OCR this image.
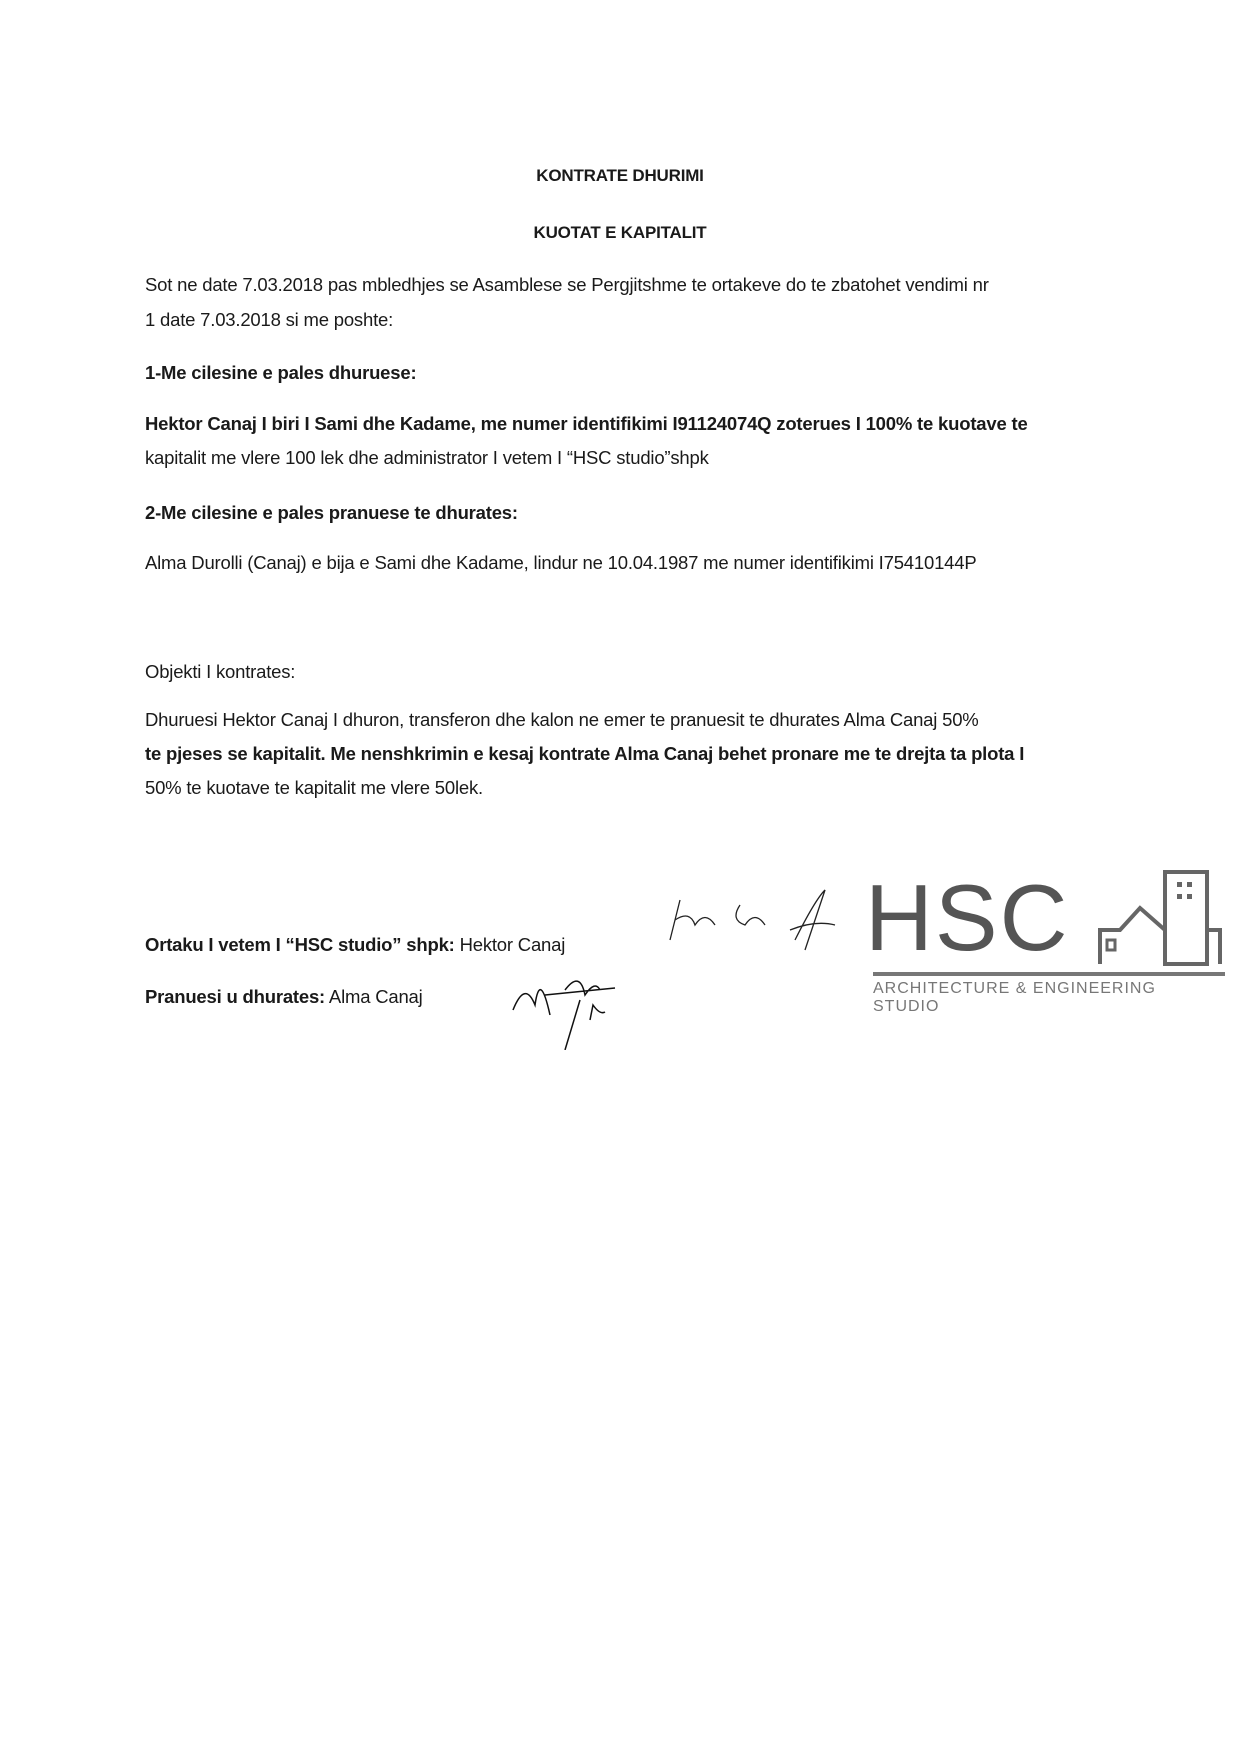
KONTRATE DHURIMI
KUOTAT E KAPITALIT
Sot ne date 7.03.2018 pas mbledhjes se Asamblese se Pergjitshme te ortakeve do te zbatohet vendimi nr
1 date 7.03.2018 si me poshte:
1-Me cilesine e pales dhuruese:
Hektor Canaj I biri I Sami dhe Kadame, me numer identifikimi I91124074Q zoterues I 100% te kuotave te
kapitalit me vlere 100 lek dhe administrator I vetem I “HSC studio”shpk
2-Me cilesine e pales pranuese te dhurates:
Alma Durolli (Canaj) e bija e Sami dhe Kadame, lindur ne 10.04.1987 me numer identifikimi I75410144P
Objekti I kontrates:
Dhuruesi Hektor Canaj I dhuron, transferon dhe kalon ne emer te pranuesit te dhurates Alma Canaj 50%
te pjeses se kapitalit. Me nenshkrimin e kesaj kontrate Alma Canaj behet pronare me te drejta ta plota I
50% te kuotave te kapitalit me vlere 50lek.
Ortaku I vetem I “HSC studio” shpk: Hektor Canaj
Pranuesi u dhurates: Alma Canaj
HSC
ARCHITECTURE & ENGINEERING STUDIO
